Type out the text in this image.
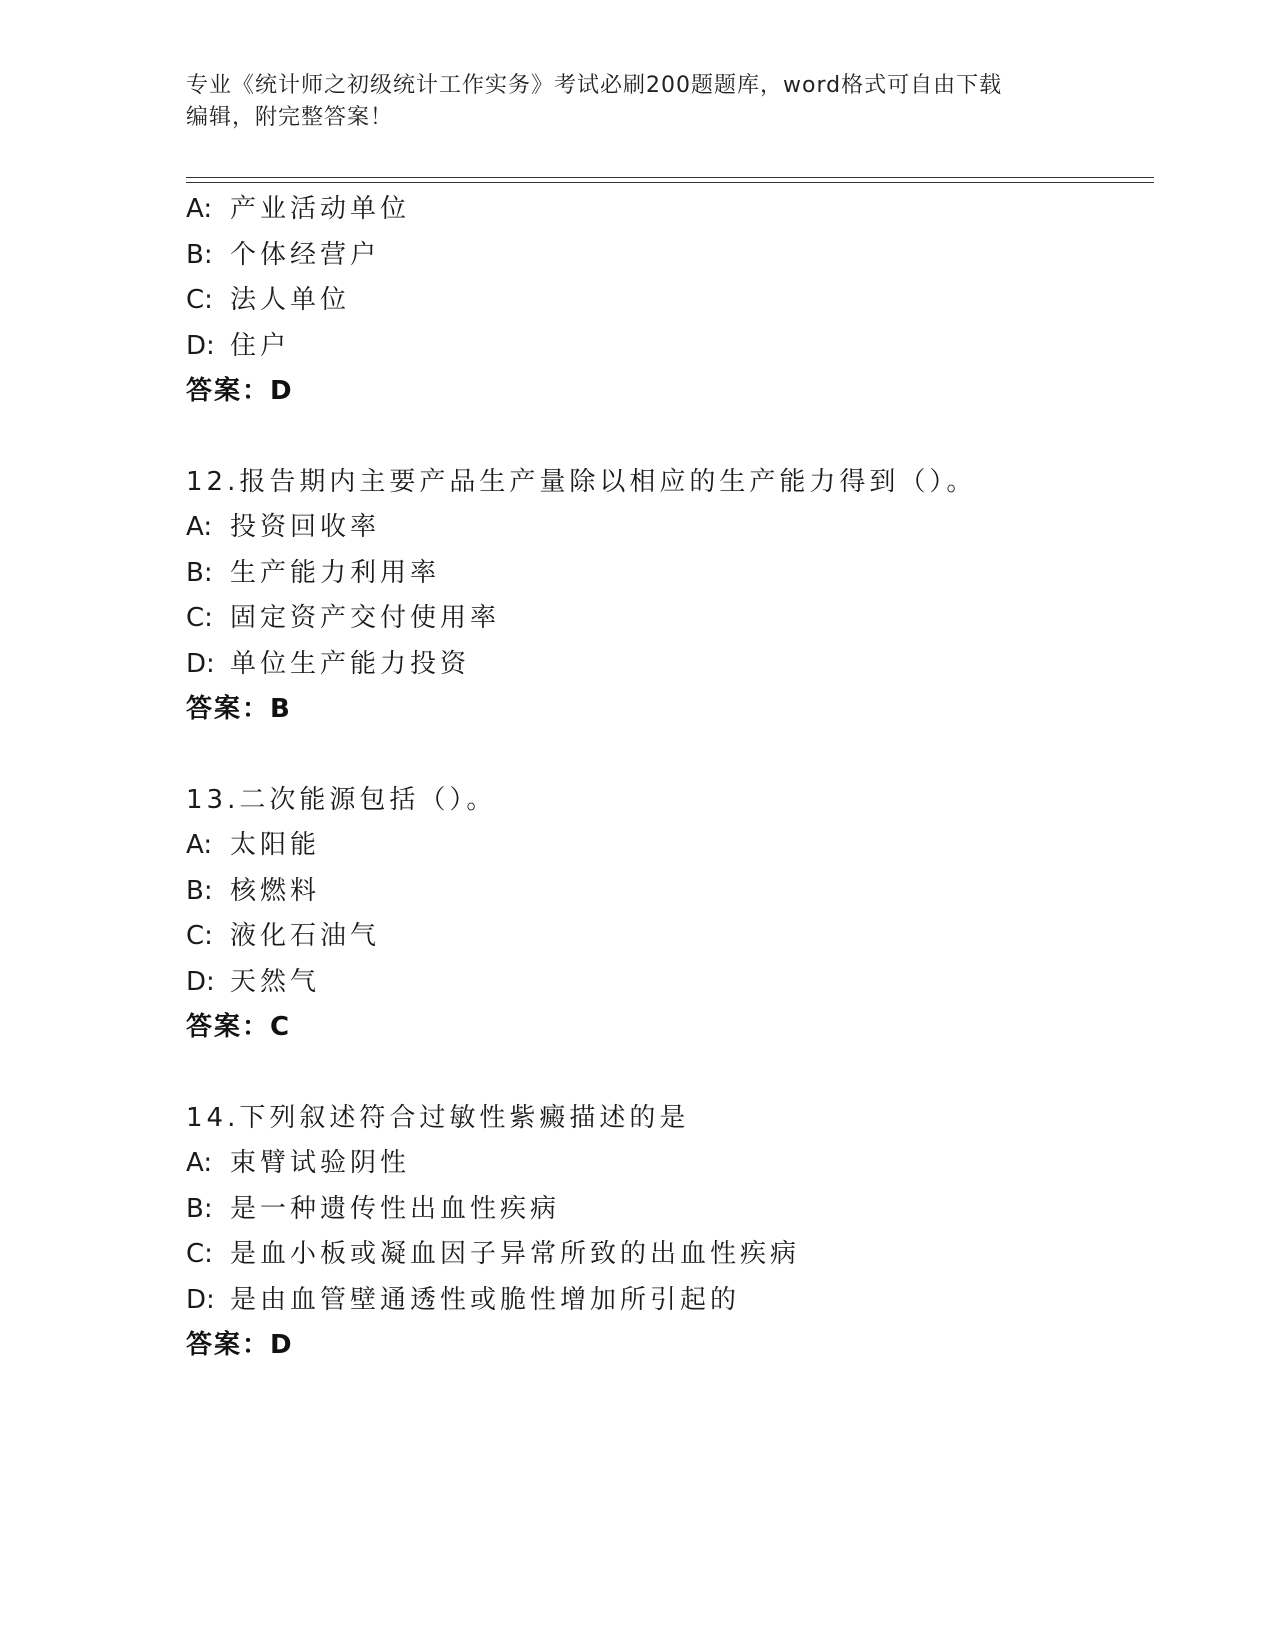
专业《统计师之初级统计工作实务》考试必刷200题题库，word格式可自由下载
编辑，附完整答案！
A: 产业活动单位
B: 个体经营户
C: 法人单位
D: 住户
答案：D
12.报告期内主要产品生产量除以相应的生产能力得到（）。
A: 投资回收率
B: 生产能力利用率
C: 固定资产交付使用率
D: 单位生产能力投资
答案：B
13.二次能源包括（）。
A: 太阳能
B: 核燃料
C: 液化石油气
D: 天然气
答案：C
14.下列叙述符合过敏性紫癜描述的是
A: 束臂试验阴性
B: 是一种遗传性出血性疾病
C: 是血小板或凝血因子异常所致的出血性疾病
D: 是由血管壁通透性或脆性增加所引起的
答案：D
